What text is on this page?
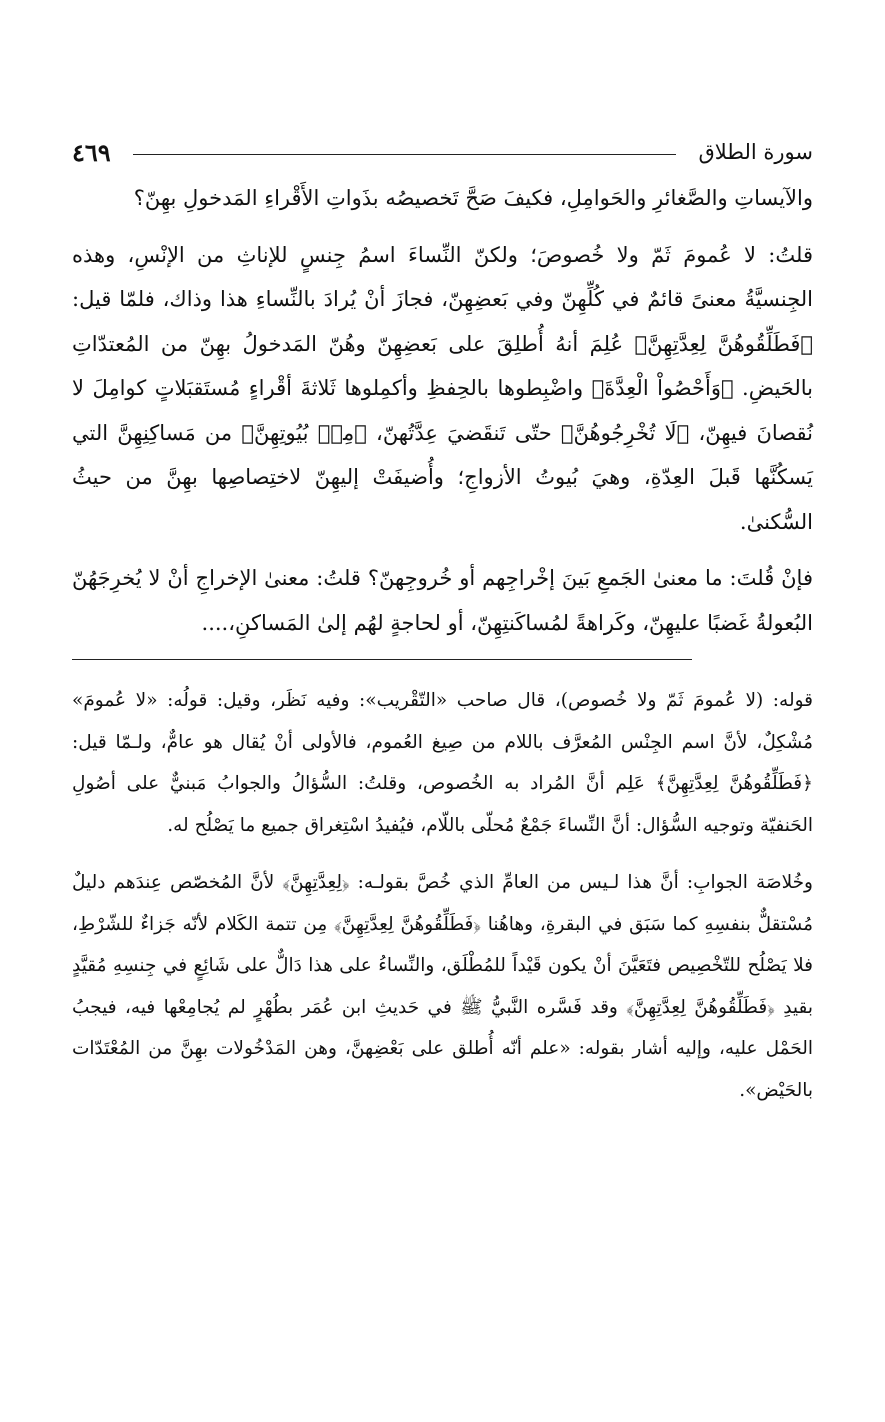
سورة الطلاق
٤٦٩

والآيساتِ والصَّغائرِ والحَوامِلِ، فكيفَ صَحَّ تَخصيصُه بذَواتِ الأَقْراءِ المَدخولِ بهِنّ؟

قلتُ: لا عُمومَ ثَمّ ولا خُصوصَ؛ ولكنّ النِّساءَ اسمُ جِنسٍ للإناثِ من الإنْسِ، وهذه الجِنسيَّةُ معنىً قائمٌ في كُلِّهِنّ وفي بَعضِهِنّ، فجازَ أنْ يُرادَ بالنِّساءِ هذا وذاك، فلمّا قيل: ﴿فَطَلِّقُوهُنَّ لِعِدَّتِهِنَّ﴾ عُلِمَ أنهُ أُطلِقَ على بَعضِهِنّ وهُنّ المَدخولُ بهِنّ من المُعتدّاتِ بالحَيضِ. ﴿وَأَحْصُواْ الْعِدَّةَ﴾ واضْبِطوها بالحِفظِ وأكمِلوها ثَلاثةَ أقْراءٍ مُستَقبَلاتٍ كوامِلَ لا نُقصانَ فيهِنّ، ﴿لَا تُخْرِجُوهُنَّ﴾ حتّى تَنقَضيَ عِدَّتُهنّ، ﴿مِنۢ بُيُوتِهِنَّ﴾ من مَساكِنِهِنَّ التي يَسكُنَّها قَبلَ العِدّةِ، وهيَ بُيوتُ الأزواجِ؛ وأُضيفَتْ إليهِنّ لاختِصاصِها بهِنَّ من حيثُ السُّكنىٰ.

فإنْ قُلتَ: ما معنىٰ الجَمعِ بَينَ إخْراجِهم أو خُروجِهنّ؟ قلتُ: معنىٰ الإخراجِ أنْ لا يُخرِجَهُنّ البُعولةُ غَضبًا عليهِنّ، وكَراهةً لمُساكَنتِهِنّ، أو لحاجةٍ لهُم إلىٰ المَساكنِ،....

قوله: (لا عُمومَ ثَمّ ولا خُصوص)، قال صاحب «التّقْريب»: وفيه نَظَر، وقيل: قولُه: «لا عُمومَ» مُشْكِلٌ، لأنَّ اسم الجِنْس المُعرَّف باللام من صِيغ العُموم، فالأولى أنْ يُقال هو عامٌّ، ولـمّا قيل: ﴿فَطَلِّقُوهُنَّ لِعِدَّتِهِنَّ﴾ عَلِم أنَّ المُراد به الخُصوص، وقلتُ: السُّؤالُ والجوابُ مَبنيٌّ على أصُولِ الحَنفيّة وتوجيه السُّؤال: أنَّ النِّساءَ جَمْعٌ مُحلّى باللّام، فيُفيدُ اسْتِغراق جميع ما يَصْلُح له.

وخُلاصَة الجوابِ: أنَّ هذا لـيس من العامِّ الذي خُصَّ بقولـه: ﴿لِعِدَّتِهِنَّ﴾ لأنَّ المُخصّص عِندَهم دليلٌ مُسْتقلٌّ بنفسِهِ كما سَبَق في البقرةِ، وهاهُنا ﴿فَطَلِّقُوهُنَّ لِعِدَّتِهِنَّ﴾ مِن تتمة الكَلام لأنّه جَزاءٌ للشّرْطِ، فلا يَصْلُح للتّخْصِيص فتَعَيَّنَ أنْ يكون قَيْداً للمُطْلَق، والنِّساءُ على هذا دَالٌّ على شَائِعٍ في جِنسِهِ مُقيَّدٍ بقيدِ ﴿فَطَلِّقُوهُنَّ لِعِدَّتِهِنَّ﴾ وقد فَسَّره النَّبيُّ ﷺ في حَديثِ ابن عُمَر بطُهْرٍ لم يُجامِعْها فيه، فيجبُ الحَمْل عليه، وإليه أشار بقوله: «علم أنّه أُطلق على بَعْضِهنَّ، وهن المَدْخُولات بهِنَّ من المُعْتَدّات بالحَيْض».
